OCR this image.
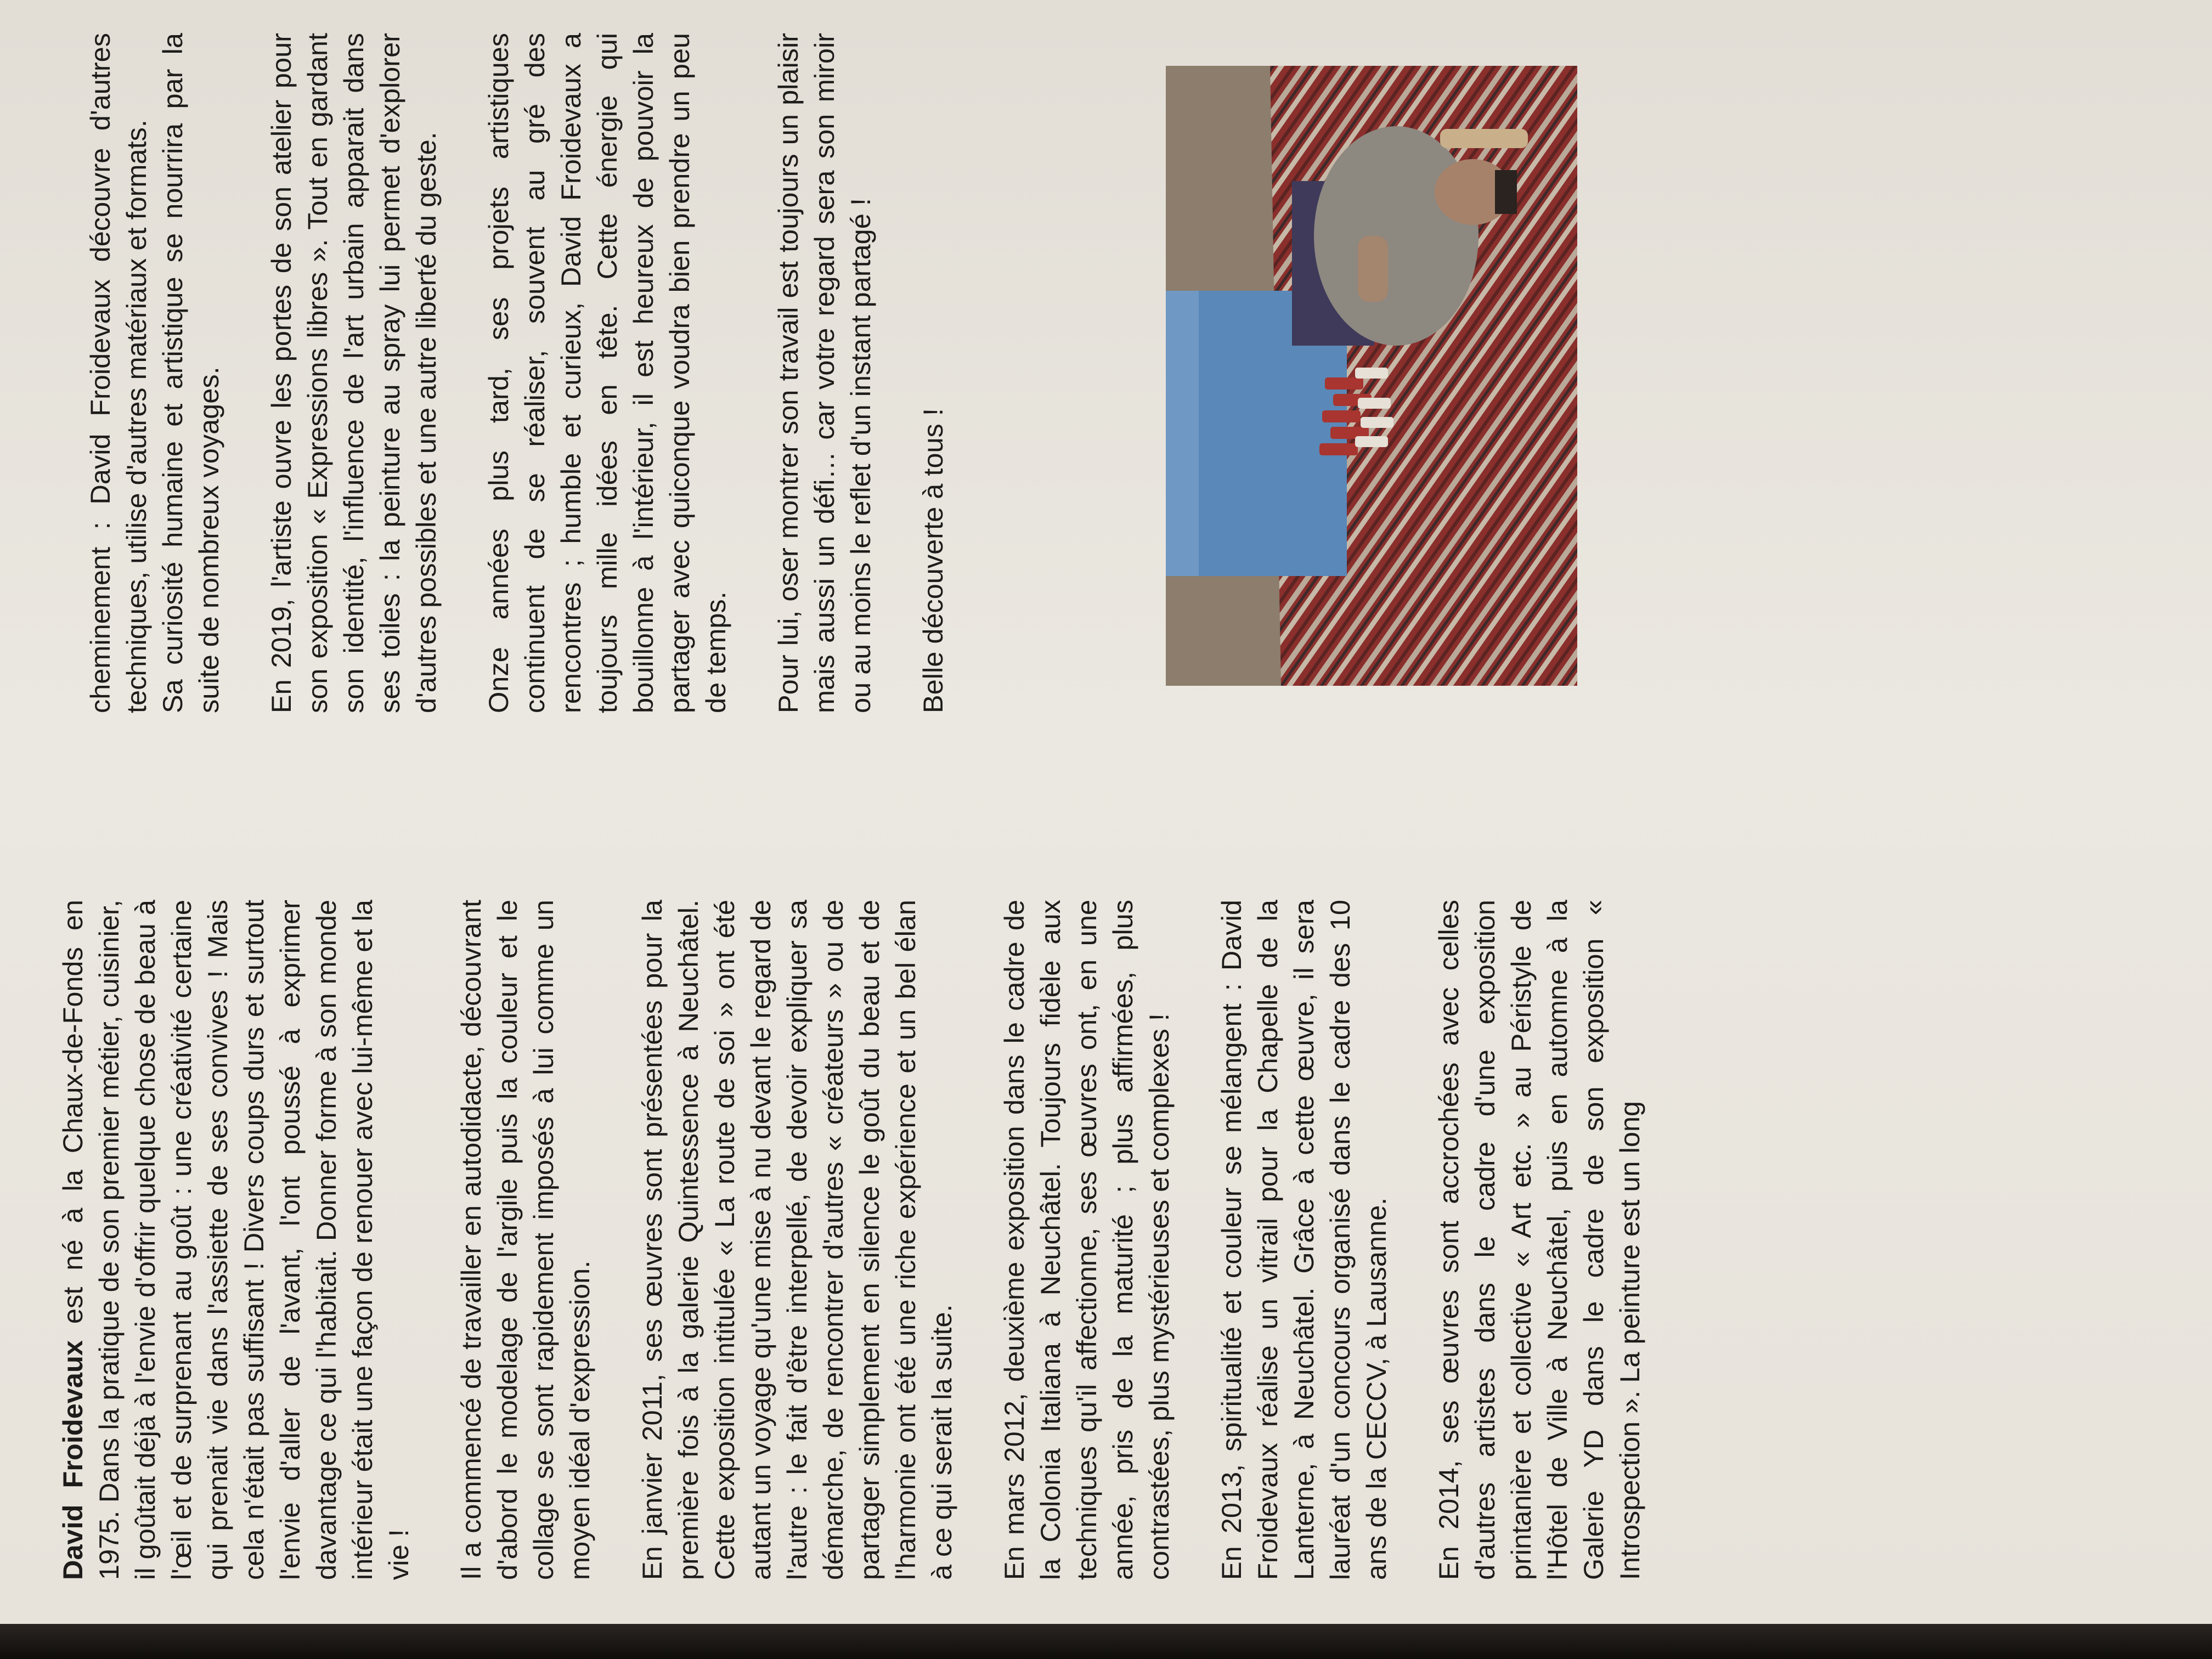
David Froidevaux est né à la Chaux-de-Fonds en 1975. Dans la pratique de son premier métier, cuisinier, il goûtait déjà à l'envie d'offrir quelque chose de beau à l'œil et de surprenant au goût : une créativité certaine qui prenait vie dans l'assiette de ses convives ! Mais cela n'était pas suffisant ! Divers coups durs et surtout l'envie d'aller de l'avant, l'ont poussé à exprimer davantage ce qui l'habitait. Donner forme à son monde intérieur était une façon de renouer avec lui-même et la vie ! Il a commencé de travailler en autodidacte, découvrant d'abord le modelage de l'argile puis la couleur et le collage se sont rapidement imposés à lui comme un moyen idéal d'expression. En janvier 2011, ses œuvres sont présentées pour la première fois à la galerie Quintessence à Neuchâtel. Cette exposition intitulée « La route de soi » ont été autant un voyage qu'une mise à nu devant le regard de l'autre : le fait d'être interpellé, de devoir expliquer sa démarche, de rencontrer d'autres « créateurs » ou de partager simplement en silence le goût du beau et de l'harmonie ont été une riche expérience et un bel élan à ce qui serait la suite. En mars 2012, deuxième exposition dans le cadre de la Colonia Italiana à Neuchâtel. Toujours fidèle aux techniques qu'il affectionne, ses œuvres ont, en une année, pris de la maturité ; plus affirmées, plus contrastées, plus mystérieuses et complexes ! En 2013, spiritualité et couleur se mélangent : David Froidevaux réalise un vitrail pour la Chapelle de la Lanterne, à Neuchâtel. Grâce à cette œuvre, il sera lauréat d'un concours organisé dans le cadre des 10 ans de la CECCV, à Lausanne. En 2014, ses œuvres sont accrochées avec celles d'autres artistes dans le cadre d'une exposition printanière et collective « Art etc. » au Péristyle de l'Hôtel de Ville à Neuchâtel, puis en automne à la Galerie YD dans le cadre de son exposition « Introspection ». La peinture est un long

cheminement : David Froidevaux découvre d'autres techniques, utilise d'autres matériaux et formats. Sa curiosité humaine et artistique se nourrira par la suite de nombreux voyages. En 2019, l'artiste ouvre les portes de son atelier pour son exposition « Expressions libres ». Tout en gardant son identité, l'influence de l'art urbain apparait dans ses toiles : la peinture au spray lui permet d'explorer d'autres possibles et une autre liberté du geste. Onze années plus tard, ses projets artistiques continuent de se réaliser, souvent au gré des rencontres ; humble et curieux, David Froidevaux a toujours mille idées en tête. Cette énergie qui bouillonne à l'intérieur, il est heureux de pouvoir la partager avec quiconque voudra bien prendre un peu de temps. Pour lui, oser montrer son travail est toujours un plaisir mais aussi un défi… car votre regard sera son miroir ou au moins le reflet d'un instant partagé ! Belle découverte à tous !
